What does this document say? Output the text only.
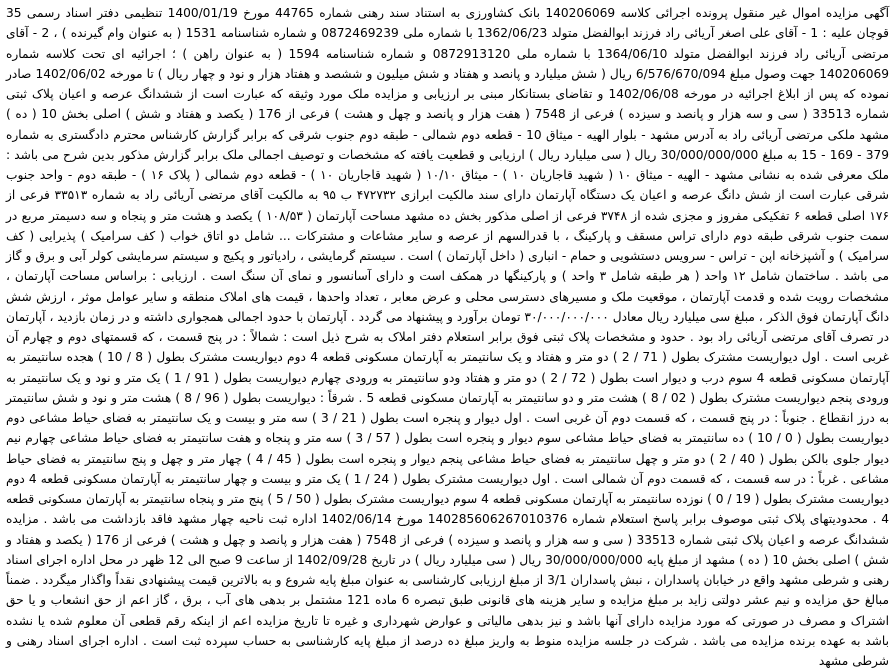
آگهی مزایده اموال غیر منقول پرونده اجرائی کلاسه 140206069 بانک کشاورزی به استناد سند رهنی شماره 44765 مورخ 1400/01/19 تنظیمی دفتر اسناد رسمی 35 قوچان علیه : 1 - آقای علی اصغر آریائی راد فرزند ابوالفضل متولد 1362/06/23 با شماره ملی 0872469239 و شماره شناسنامه 1531 ( به عنوان وام گیرنده ) ، 2 - آقای مرتضی آریائی راد فرزند ابوالفضل متولد 1364/06/10 با شماره ملی 0872913120 و شماره شناسنامه 1594 ( به عنوان راهن ) ؛ اجرائیه ای تحت کلاسه شماره 140206069 جهت وصول مبلغ 6/576/670/094 ریال ( شش میلیارد و پانصد و هفتاد و شش میلیون و ششصد و هفتاد هزار و نود و چهار ریال ) تا مورخه 1402/06/02 صادر نموده که پس از ابلاغ اجرائیه در مورخه 1402/06/08 و تقاضای بستانکار مبنی بر ارزیابی و مزایده ملک مورد وثیقه که عبارت است از ششدانگ عرصه و اعیان پلاک ثبتی شماره 33513 ( سی و سه هزار و پانصد و سیزده ) فرعی از 7548 ( هفت هزار و پانصد و چهل و هشت ) فرعی از 176 ( یکصد و هفتاد و شش ) اصلی بخش 10 ( ده ) مشهد ملکی مرتضی آریائی راد به آدرس مشهد - بلوار الهیه - میثاق 10 - قطعه دوم شمالی - طبقه دوم جنوب شرقی که برابر گزارش کارشناس محترم دادگستری به شماره 379 - 169 - 15 به مبلغ 30/000/000/000 ریال ( سی میلیارد ریال ) ارزیابی و قطعیت یافته که مشخصات و توصیف اجمالی ملک برابر گزارش مذکور بدین شرح می باشد : ملک معرفی شده به نشانی مشهد - الهیه - میثاق ۱۰ ( شهید قاجاریان ۱۰ ) - میثاق ۱۰/۱۰ ( شهید قاجاریان ۱۰ ) - قطعه دوم شمالی ( پلاک ۱۶ ) - طبقه دوم - واحد جنوب شرقی عبارت است از شش دانگ عرصه و اعیان یک دستگاه آپارتمان دارای سند مالکیت ابرازی ۴۷۲۷۳۲ ب ۹۵ به مالکیت آقای مرتضی آریائی راد به شماره ۳۳۵۱۳ فرعی از ۱۷۶ اصلی قطعه ۶ تفکیکی مفروز و مجزی شده از ۳۷۴۸ فرعی از اصلی مذکور بخش ده مشهد مساحت آپارتمان ( ۱۰۸/۵۳ ) یکصد و هشت متر و پنجاه و سه دسیمتر مربع در سمت جنوب شرقی طبقه دوم دارای تراس مسقف و پارکینگ ، با قدرالسهم از عرصه و سایر مشاعات و مشترکات ... شامل دو اتاق خواب ( کف سرامیک ) پذیرایی ( کف سرامیک ) و آشپزخانه اپن - تراس - سرویس دستشویی و حمام - انباری ( داخل آپارتمان ) است . سیستم گرمایشی ، رادیاتور و پکیج و سیستم سرمایشی کولر آبی و برق و گاز می باشد . ساختمان شامل ۱۲ واحد ( هر طبقه شامل ۳ واحد ) و پارکینگها در همکف است و دارای آسانسور و نمای آن سنگ است . ارزیابی : براساس مساحت آپارتمان ، مشخصات رویت شده و قدمت آپارتمان ، موقعیت ملک و مسیرهای دسترسی محلی و عرض معابر ، تعداد واحدها ، قیمت های املاک منطقه و سایر عوامل موثر ، ارزش شش دانگ آپارتمان فوق الذکر ، مبلغ سی میلیارد ریال معادل ۳۰/۰۰۰/۰۰۰/۰۰۰ تومان برآورد و پیشنهاد می گردد . آپارتمان با حدود اجمالی همجواری داشته و در زمان بازدید ، آپارتمان در تصرف آقای مرتضی آریائی راد بود . حدود و مشخصات پلاک ثبتی فوق برابر استعلام دفتر املاک به شرح ذیل است : شمالاً : در پنج قسمت ، که قسمتهای دوم و چهارم آن غربی است . اول دیواریست مشترک بطول ( 71 / 2 ) دو متر و هفتاد و یک سانتیمتر به آپارتمان مسکونی قطعه 4 دوم دیواریست مشترک بطول ( 8 / 10 ) هجده سانتیمتر به آپارتمان مسکونی قطعه 4 سوم درب و دیوار است بطول ( 72 / 2 ) دو متر و هفتاد ودو سانتیمتر به ورودی چهارم دیواریست بطول ( 91 / 1 ) یک متر و نود و یک سانتیمتر به ورودی پنجم دیواریست مشترک بطول ( 02 / 8 ) هشت متر و دو سانتیمتر به آپارتمان مسکونی قطعه 5 . شرقاً : دیواریست بطول ( 96 / 8 ) هشت متر و نود و شش سانتیمتر به درز انقطاع . جنوباً : در پنج قسمت ، که قسمت دوم آن غربی است . اول دیوار و پنجره است بطول ( 21 / 3 ) سه متر و بیست و یک سانتیمتر به فضای حیاط مشاعی دوم دیواریست بطول ( 0 / 10 ) ده سانتیمتر به فضای حیاط مشاعی سوم دیوار و پنجره است بطول ( 57 / 3 ) سه متر و پنجاه و هفت سانتیمتر به فضای حیاط مشاعی چهارم نیم دیوار جلوی بالکن بطول ( 40 / 2 ) دو متر و چهل سانتیمتر به فضای حیاط مشاعی پنجم دیوار و پنجره است بطول ( 45 / 4 ) چهار متر و چهل و پنج سانتیمتر به فضای حیاط مشاعی . غرباً : در سه قسمت ، که قسمت دوم آن شمالی است . اول دیواریست مشترک بطول ( 24 / 1 ) یک متر و بیست و چهار سانتیمتر به آپارتمان مسکونی قطعه 4 دوم دیواریست مشترک بطول ( 19 / 0 ) نوزده سانتیمتر به آپارتمان مسکونی قطعه 4 سوم دیواریست مشترک بطول ( 50 / 5 ) پنج متر و پنجاه سانتیمتر به آپارتمان مسکونی قطعه 4 . محدودیتهای پلاک ثبتی موصوف برابر پاسخ استعلام شماره 140285606267010376 مورخ 1402/06/14 اداره ثبت ناحیه چهار مشهد فاقد بازداشت می باشد . مزایده ششدانگ عرصه و اعیان پلاک ثبتی شماره 33513 ( سی و سه هزار و پانصد و سیزده ) فرعی از 7548 ( هفت هزار و پانصد و چهل و هشت ) فرعی از 176 ( یکصد و هفتاد و شش ) اصلی بخش 10 ( ده ) مشهد از مبلغ پایه 30/000/000/000 ریال ( سی میلیارد ریال ) در تاریخ 1402/09/28 از ساعت 9 صبح الی 12 ظهر در محل اداره اجرای اسناد رهنی و شرطی مشهد واقع در خیابان پاسداران ، نبش پاسداران 3/1 از مبلغ ارزیابی کارشناسی به عنوان مبلغ پایه شروع و به بالاترین قیمت پیشنهادی نقداً واگذار میگردد . ضمناً مبالغ حق مزایده و نیم عشر دولتی زاید بر مبلغ مزایده و سایر هزینه های قانونی طبق تبصره 6 ماده 121 مشتمل بر بدهی های آب ، برق ، گاز اعم از حق انشعاب و یا حق اشتراک و مصرف در صورتی که مورد مزایده دارای آنها باشد و نیز بدهی مالیاتی و عوارض شهرداری و غیره تا تاریخ مزایده اعم از اینکه رقم قطعی آن معلوم شده یا نشده باشد به عهده برنده مزایده می باشد . شرکت در جلسه مزایده منوط به واریز مبلغ ده درصد از مبلغ پایه کارشناسی به حساب سپرده ثبت است . اداره اجرای اسناد رهنی و شرطی مشهد
